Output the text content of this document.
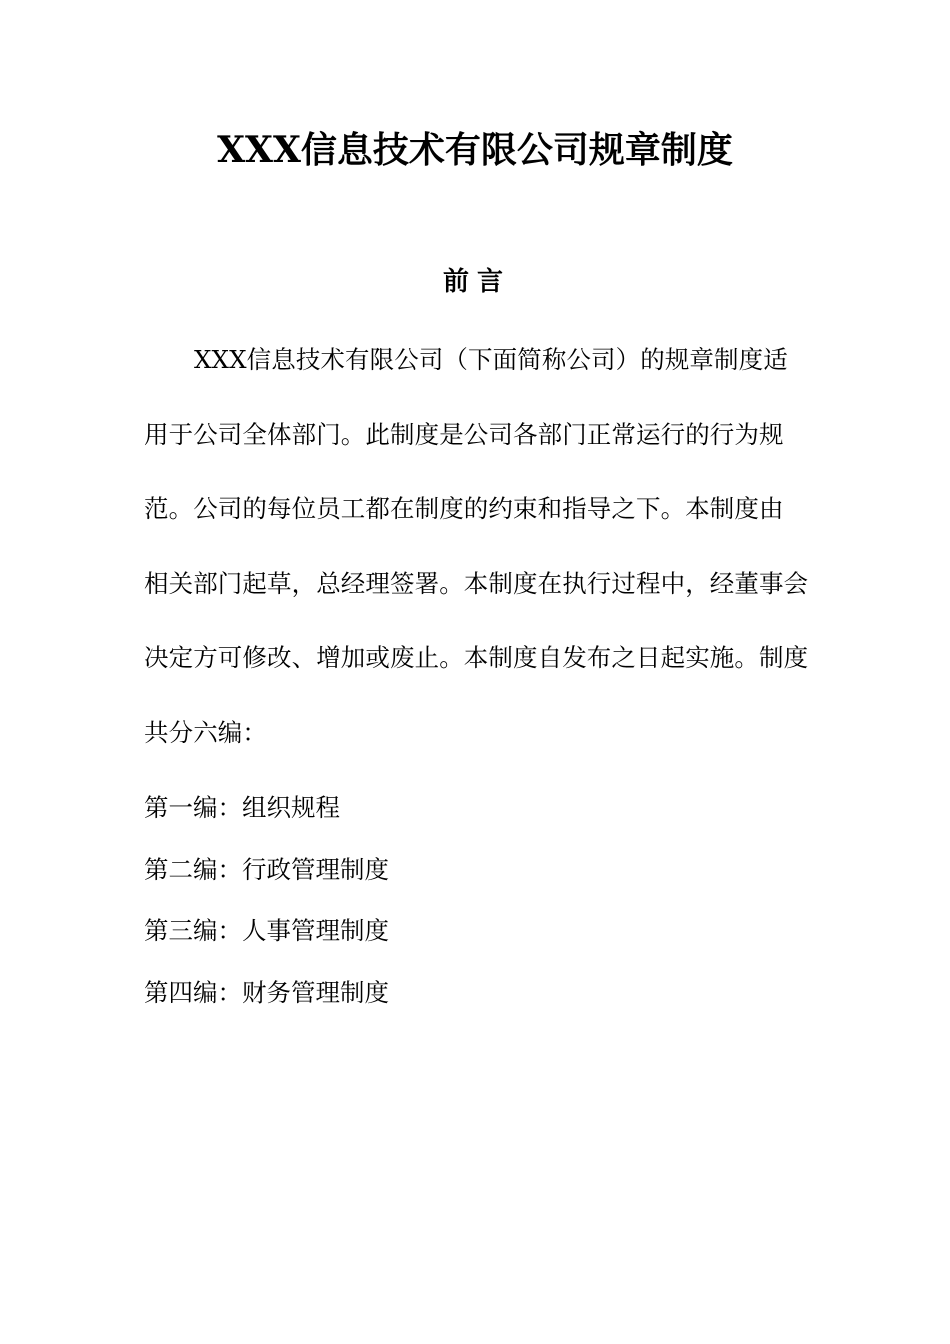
XXX信息技术有限公司规章制度
前言
XXX信息技术有限公司（下面简称公司）的规章制度适
用于公司全体部门。此制度是公司各部门正常运行的行为规
范。公司的每位员工都在制度的约束和指导之下。本制度由
相关部门起草，总经理签署。本制度在执行过程中，经董事会
决定方可修改、增加或废止。本制度自发布之日起实施。制度
共分六编：
第一编：组织规程
第二编：行政管理制度
第三编：人事管理制度
第四编：财务管理制度
